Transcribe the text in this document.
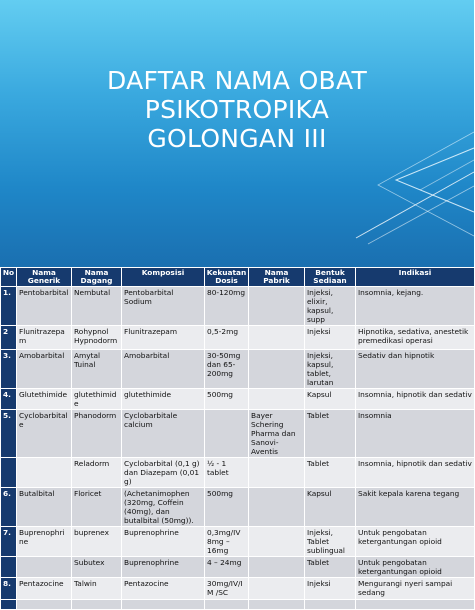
DAFTAR NAMA OBAT
PSIKOTROPIKA
GOLONGAN III
No	Nama Generik	Nama Dagang	Komposisi	Kekuatan Dosis	Nama Pabrik	Bentuk Sediaan	Indikasi
1.	Pentobarbital	Nembutal	Pentobarbital Sodium	80-120mg		Injeksi, elixir, kapsul, supp	Insomnia, kejang.
2	Flunitrazepam	Rohypnol Hypnodorm	Flunitrazepam	0,5-2mg		Injeksi	Hipnotika, sedativa, anestetik premedikasi operasi
3.	Amobarbital	Amytal Tuinal	Amobarbital	30-50mg dan 65-200mg		Injeksi, kapsul, tablet, larutan	Sedativ dan hipnotik
4.	Glutethimide	glutethimide	glutethimide	500mg		Kapsul	Insomnia, hipnotik dan sedativ
5.	Cyclobarbitale	Phanodorm	Cyclobarbitale calcium		Bayer Schering Pharma dan Sanovi-Aventis	Tablet	Insomnia
		Reladorm	Cyclobarbital (0,1 g) dan Diazepam (0,01 g)	½ - 1 tablet		Tablet	Insomnia, hipnotik dan sedativ
6.	Butalbital	Floricet	(Achetanimophen (320mg, Coffein (40mg), dan butalbital (50mg)).	500mg		Kapsul	Sakit kepala karena tegang
7.	Buprenophrine	buprenex	Buprenophrine	0,3mg/IV 8mg – 16mg		Injeksi, Tablet sublingual	Untuk pengobatan ketergantungan opioid
		Subutex	Buprenophrine	4 – 24mg		Tablet	Untuk pengobatan ketergantungan opioid
8.	Pentazocine	Talwin	Pentazocine	30mg/IV/IM /SC		Injeksi	Mengurangi nyeri sampai sedang
